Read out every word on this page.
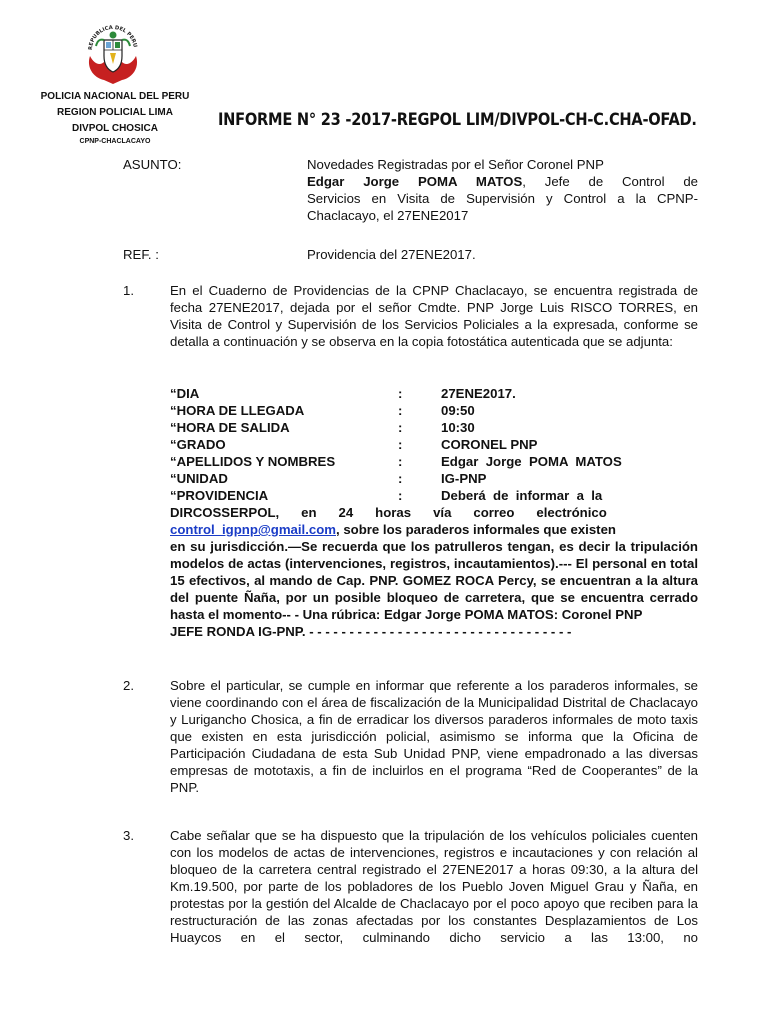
REPUBLICA DEL PERU
POLICIA NACIONAL DEL PERU
REGION POLICIAL LIMA
DIVPOL CHOSICA
CPNP-CHACLACAYO
INFORME N° 23 -2017-REGPOL LIM/DIVPOL-CH-C.CHA-OFAD.
ASUNTO:	Novedades Registradas por el Señor Coronel PNP
Edgar Jorge POMA MATOS, Jefe de Control de
Servicios en Visita de Supervisión y Control a la CPNP-
Chaclacayo, el 27ENE2017
REF. :	Providencia del 27ENE2017.
1.	En el Cuaderno de Providencias de la CPNP Chaclacayo, se encuentra registrada de fecha 27ENE2017, dejada por el señor Cmdte. PNP Jorge Luis RISCO TORRES, en Visita de Control y Supervisión de los Servicios Policiales a la expresada, conforme se detalla a continuación y se observa en la copia fotostática autenticada que se adjunta:
“DIA	:	27ENE2017.
“HORA DE LLEGADA	:	09:50
“HORA DE SALIDA	:	10:30
“GRADO	:	CORONEL PNP
“APELLIDOS Y NOMBRES	:	Edgar  Jorge  POMA  MATOS
“UNIDAD	:	IG-PNP
“PROVIDENCIA	:	Deberá  de  informar  a  la
DIRCOSSERPOL,      en      24      horas      vía      correo      electrónico
control_igpnp@gmail.com, sobre los paraderos informales que existen
en su jurisdicción.—Se recuerda que los patrulleros tengan, es decir la tripulación modelos de actas (intervenciones, registros, incautamientos).--- El personal en total 15 efectivos, al mando de Cap. PNP. GOMEZ ROCA Percy, se encuentran a la altura del puente Ñaña, por un posible bloqueo de carretera, que se encuentra cerrado hasta el momento-- - Una rúbrica: Edgar Jorge POMA MATOS: Coronel PNP
JEFE RONDA IG-PNP. - - - - - - - - - - - - - - - - - - - - - - - - - - - - - - - - -
2.	Sobre el particular, se cumple en informar que referente a los paraderos informales, se viene coordinando con el área de fiscalización de la Municipalidad Distrital de Chaclacayo y Lurigancho Chosica, a fin de erradicar los diversos paraderos informales de moto taxis que existen en esta jurisdicción policial, asimismo se informa que la Oficina de Participación Ciudadana de esta Sub Unidad PNP, viene empadronado a las diversas empresas de mototaxis, a fin de incluirlos en el programa “Red de Cooperantes” de la PNP.
3.	Cabe señalar que se ha dispuesto que la tripulación de los vehículos policiales cuenten con los modelos de actas de intervenciones, registros e incautaciones y con relación al bloqueo de la carretera central registrado el 27ENE2017 a horas 09:30, a la altura del Km.19.500, por parte de los pobladores de los Pueblo Joven Miguel Grau y Ñaña, en protestas por la gestión del Alcalde de Chaclacayo por el poco apoyo que reciben para la restructuración de las zonas afectadas por los constantes Desplazamientos de Los Huaycos en el sector, culminando dicho servicio a las 13:00, no
